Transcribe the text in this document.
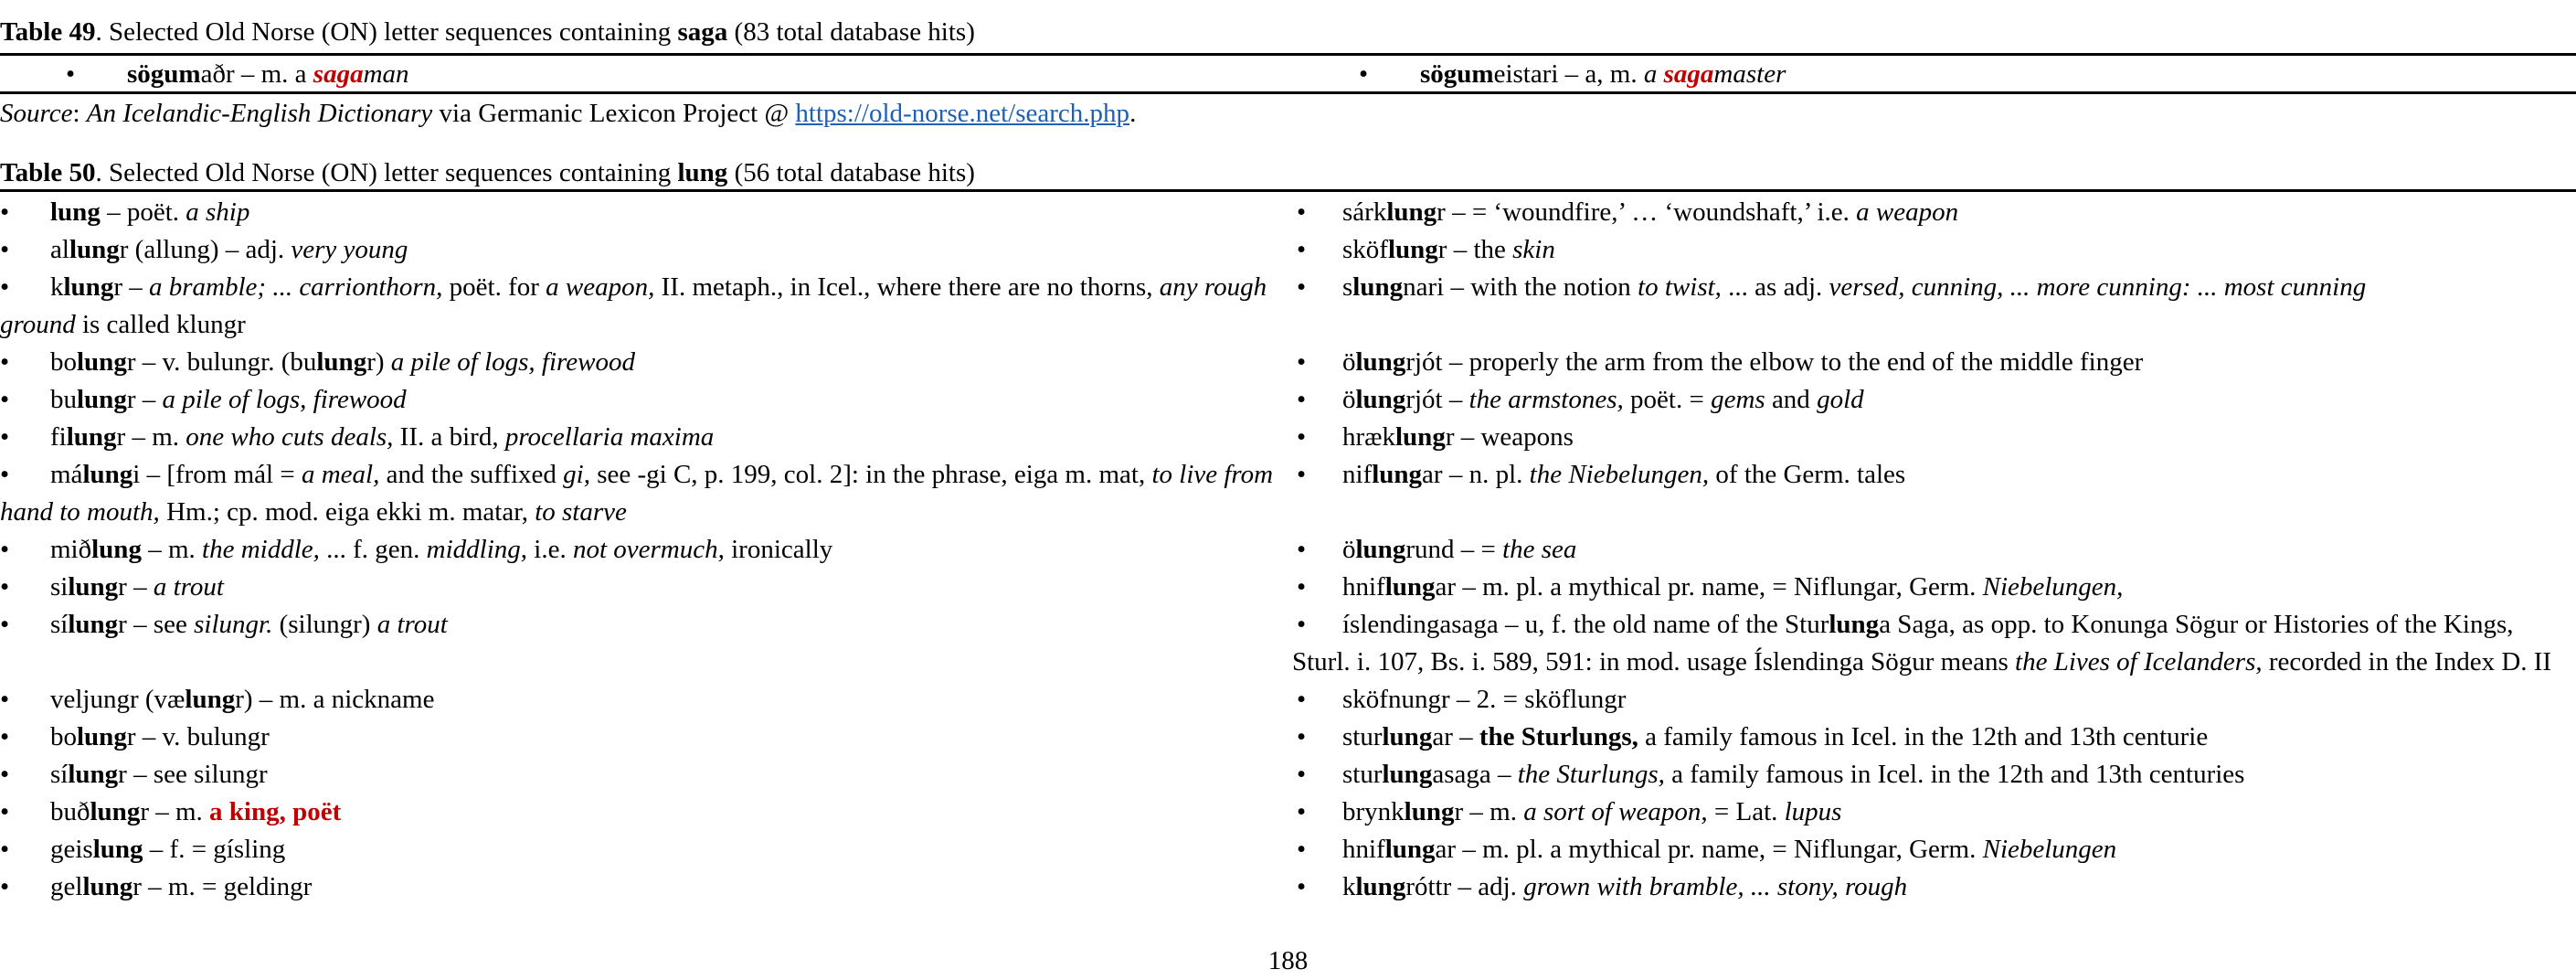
Table 49. Selected Old Norse (ON) letter sequences containing saga (83 total database hits)
• sögumaðr – m. a sagaman	• sögumeistari – a, m. a sagamaster
Source: An Icelandic-English Dictionary via Germanic Lexicon Project @ https://old-norse.net/search.php.
Table 50. Selected Old Norse (ON) letter sequences containing lung (56 total database hits)
• lung – poët. a ship	• sárklungr – = ‘woundfire,’ … ‘woundshaft,’ i.e. a weapon
• allungr (allung) – adj. very young	• sköflungr – the skin
• klungr – a bramble; ... carrionthorn, poët. for a weapon, II. metaph., in Icel., where there are no thorns, any rough ground is called klungr
• slungnari – with the notion to twist, ... as adj. versed, cunning, ... more cunning: ... most cunning
• bolungr – v. bulungr. (bulungr) a pile of logs, firewood	• ölungrjót – properly the arm from the elbow to the end of the middle finger
• bulungr – a pile of logs, firewood	• ölungrjót – the armstones, poët. = gems and gold
• filungr – m. one who cuts deals, II. a bird, procellaria maxima	• hræklungr – weapons
• málungi – [from mál = a meal, and the suffixed gi, see -gi C, p. 199, col. 2]: in the phrase, eiga m. mat, to live from hand to mouth, Hm.; cp. mod. eiga ekki m. matar, to starve
• niflungar – n. pl. the Niebelungen, of the Germ. tales
• miðlung – m. the middle, ... f. gen. middling, i.e. not overmuch, ironically	• ölungrund – = the sea
• silungr – a trout	• hniflungar – m. pl. a mythical pr. name, = Niflungar, Germ. Niebelungen,
• sílungr – see silungr. (silungr) a trout	• íslendingasaga – u, f. the old name of the Sturlunga Saga, as opp. to Konunga Sögur or Histories of the Kings, Sturl. i. 107, Bs. i. 589, 591: in mod. usage Íslendinga Sögur means the Lives of Icelanders, recorded in the Index D. II
• veljungr (vælungr) – m. a nickname	• sköfnungr – 2. = sköflungr
• bolungr – v. bulungr	• sturlungar – the Sturlungs, a family famous in Icel. in the 12th and 13th centurie
• sílungr – see silungr	• sturlungasaga – the Sturlungs, a family famous in Icel. in the 12th and 13th centuries
• buðlungr – m. a king, poët	• brynklungr – m. a sort of weapon, = Lat. lupus
• geislung – f. = gísling	• hniflungar – m. pl. a mythical pr. name, = Niflungar, Germ. Niebelungen
• gellungr – m. = geldingr	• klungróttr – adj. grown with bramble, ... stony, rough
188
